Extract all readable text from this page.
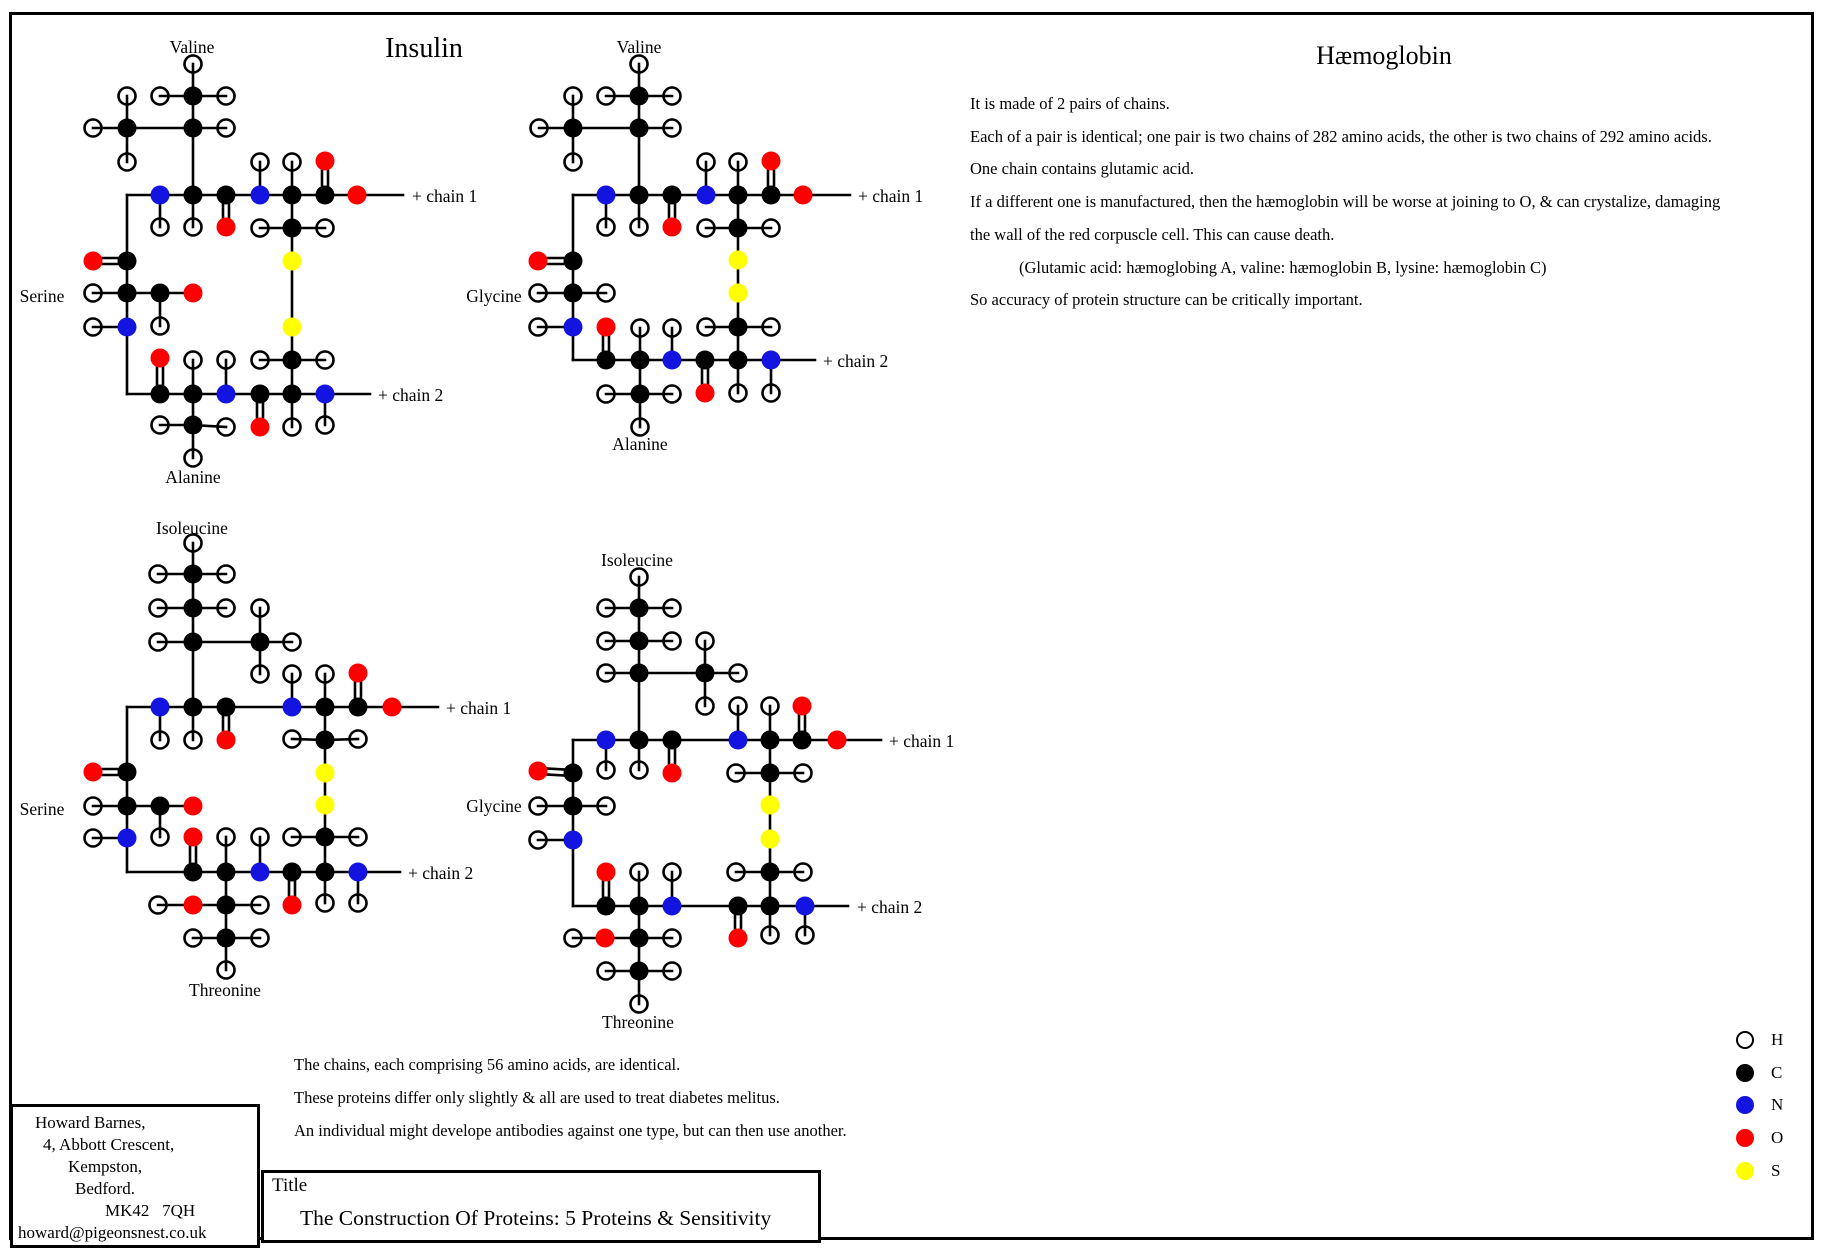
Valine
Serine
Alanine
+ chain 1
+ chain 2
Valine
Glycine
Alanine
+ chain 1
+ chain 2
Isoleucine
Serine
Threonine
+ chain 1
+ chain 2
Isoleucine
Glycine
Threonine
+ chain 1
+ chain 2
Insulin	Hæmoglobin
It is made of 2 pairs of chains.
Each of a pair is identical; one pair is two chains of 282 amino acids, the other is two chains of 292 amino acids.
One chain contains glutamic acid.
If a different one is manufactured, then the hæmoglobin will be worse at joining to O, & can crystalize, damaging
the wall of the red corpuscle cell. This can cause death.
(Glutamic acid: hæmoglobing A, valine: hæmoglobin B, lysine: hæmoglobin C)
So accuracy of protein structure can be critically important.
The chains, each comprising 56 amino acids, are identical.
These proteins differ only slightly & all are used to treat diabetes melitus.
An individual might develope antibodies against one type, but can then use another.
Howard Barnes,
4, Abbott Crescent,
Kempston,
Bedford.
MK42   7QH
howard@pigeonsnest.co.uk
Title
The Construction Of Proteins: 5 Proteins & Sensitivity
H
C
N
O
S
